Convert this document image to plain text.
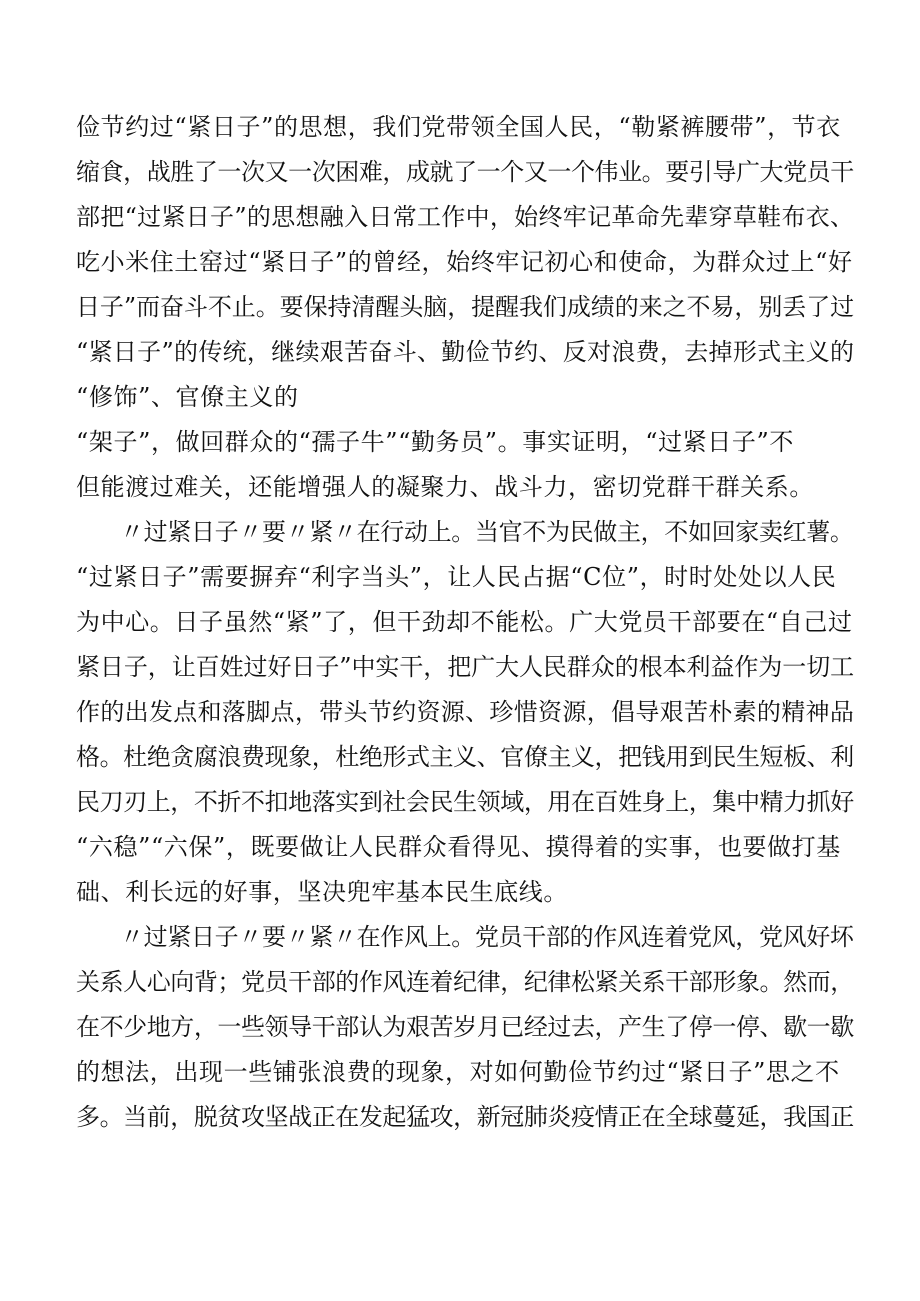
俭节约过“紧日子”的思想，我们党带领全国人民，“勒紧裤腰带”，节衣
缩食，战胜了一次又一次困难，成就了一个又一个伟业。要引导广大党员干
部把“过紧日子”的思想融入日常工作中，始终牢记革命先辈穿草鞋布衣、
吃小米住土窑过“紧日子”的曾经，始终牢记初心和使命，为群众过上“好
日子”而奋斗不止。要保持清醒头脑，提醒我们成绩的来之不易，别丢了过
“紧日子”的传统，继续艰苦奋斗、勤俭节约、反对浪费，去掉形式主义的
“修饰”、官僚主义的
“架子”，做回群众的“孺子牛”“勤务员”。事实证明，“过紧日子”不
但能渡过难关，还能增强人的凝聚力、战斗力，密切党群干群关系。
〃过紧日子〃要〃紧〃在行动上。当官不为民做主，不如回家卖红薯。
“过紧日子”需要摒弃“利字当头”，让人民占据“C位”，时时处处以人民
为中心。日子虽然“紧”了，但干劲却不能松。广大党员干部要在“自己过
紧日子，让百姓过好日子”中实干，把广大人民群众的根本利益作为一切工
作的出发点和落脚点，带头节约资源、珍惜资源，倡导艰苦朴素的精神品
格。杜绝贪腐浪费现象，杜绝形式主义、官僚主义，把钱用到民生短板、利
民刀刃上，不折不扣地落实到社会民生领域，用在百姓身上，集中精力抓好
“六稳”“六保”，既要做让人民群众看得见、摸得着的实事，也要做打基
础、利长远的好事，坚决兜牢基本民生底线。
〃过紧日子〃要〃紧〃在作风上。党员干部的作风连着党风，党风好坏
关系人心向背；党员干部的作风连着纪律，纪律松紧关系干部形象。然而，
在不少地方，一些领导干部认为艰苦岁月已经过去，产生了停一停、歇一歇
的想法，出现一些铺张浪费的现象，对如何勤俭节约过“紧日子”思之不
多。当前，脱贫攻坚战正在发起猛攻，新冠肺炎疫情正在全球蔓延，我国正
